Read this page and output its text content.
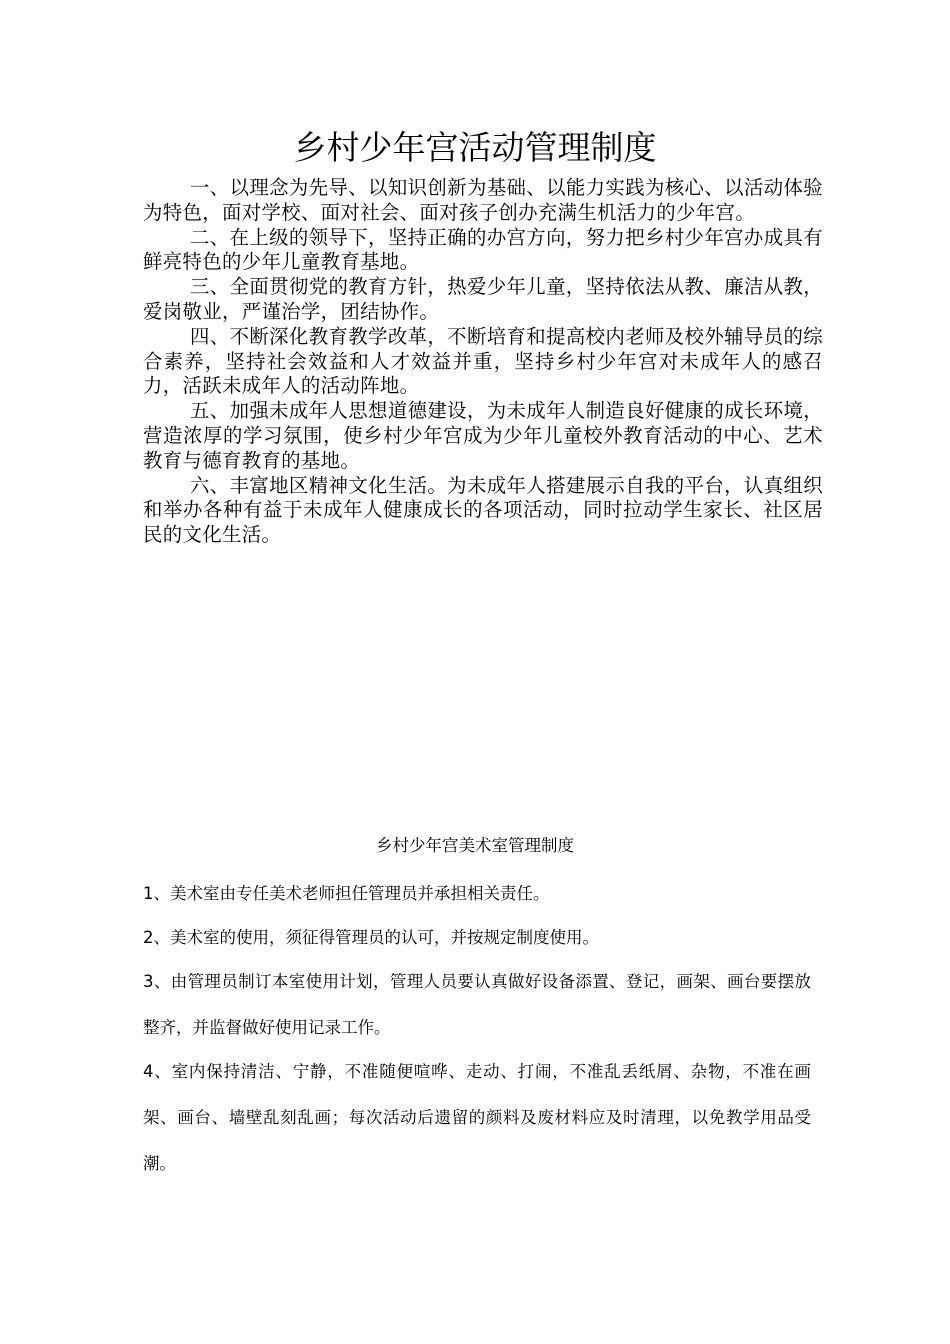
乡村少年宫活动管理制度

一、以理念为先导、以知识创新为基础、以能力实践为核心、以活动体验为特色，面对学校、面对社会、面对孩子创办充满生机活力的少年宫。

二、在上级的领导下，坚持正确的办宫方向，努力把乡村少年宫办成具有鲜亮特色的少年儿童教育基地。

三、全面贯彻党的教育方针，热爱少年儿童，坚持依法从教、廉洁从教，爱岗敬业，严谨治学，团结协作。

四、不断深化教育教学改革，不断培育和提高校内老师及校外辅导员的综合素养，坚持社会效益和人才效益并重，坚持乡村少年宫对未成年人的感召力，活跃未成年人的活动阵地。

五、加强未成年人思想道德建设，为未成年人制造良好健康的成长环境，营造浓厚的学习氛围，使乡村少年宫成为少年儿童校外教育活动的中心、艺术教育与德育教育的基地。

六、丰富地区精神文化生活。为未成年人搭建展示自我的平台，认真组织和举办各种有益于未成年人健康成长的各项活动，同时拉动学生家长、社区居民的文化生活。

乡村少年宫美术室管理制度

1、美术室由专任美术老师担任管理员并承担相关责任。

2、美术室的使用，须征得管理员的认可，并按规定制度使用。

3、由管理员制订本室使用计划，管理人员要认真做好设备添置、登记，画架、画台要摆放整齐，并监督做好使用记录工作。

4、室内保持清洁、宁静，不准随便喧哗、走动、打闹，不准乱丢纸屑、杂物，不准在画架、画台、墙壁乱刻乱画；每次活动后遗留的颜料及废材料应及时清理，以免教学用品受潮。
